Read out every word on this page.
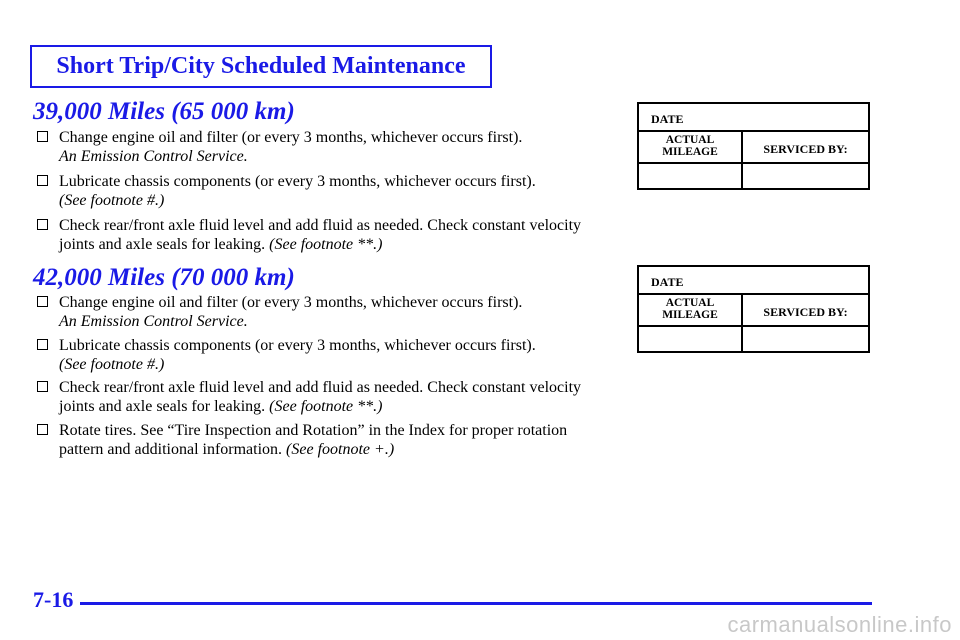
Short Trip/City Scheduled Maintenance
39,000 Miles (65 000 km)
Change engine oil and filter (or every 3 months, whichever occurs first).
An Emission Control Service.
Lubricate chassis components (or every 3 months, whichever occurs first).
(See footnote #.)
Check rear/front axle fluid level and add fluid as needed. Check constant velocity joints and axle seals for leaking. (See footnote **.)
DATE
ACTUAL
MILEAGE	SERVICED BY:
42,000 Miles (70 000 km)
Change engine oil and filter (or every 3 months, whichever occurs first).
An Emission Control Service.
Lubricate chassis components (or every 3 months, whichever occurs first).
(See footnote #.)
Check rear/front axle fluid level and add fluid as needed. Check constant velocity joints and axle seals for leaking. (See footnote **.)
Rotate tires. See “Tire Inspection and Rotation” in the Index for proper rotation pattern and additional information. (See footnote +.)
DATE
ACTUAL
MILEAGE	SERVICED BY:
7-16
carmanualsonline.info
